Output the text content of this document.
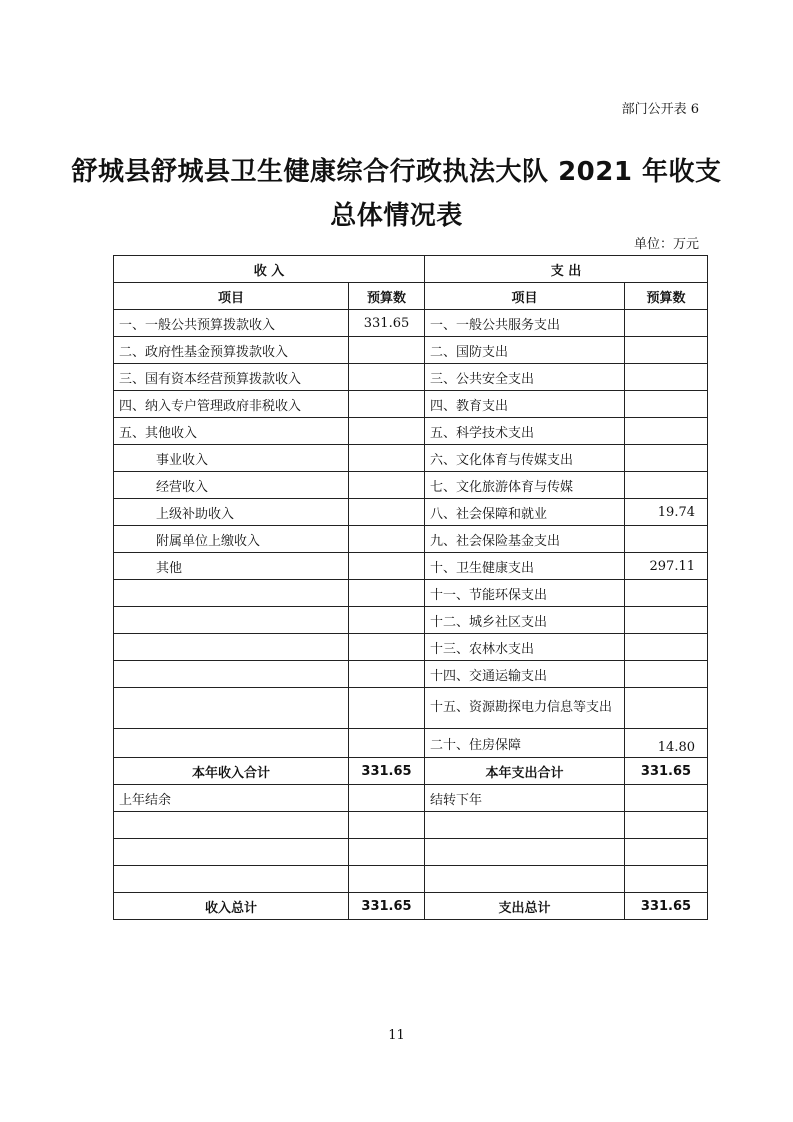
部门公开表 6
舒城县舒城县卫生健康综合行政执法大队 2021 年收支
总体情况表
单位：万元
收 入		支 出	
项目	预算数	项目	预算数
一、一般公共预算拨款收入	331.65	一、一般公共服务支出	
二、政府性基金预算拨款收入		二、国防支出	
三、国有资本经营预算拨款收入		三、公共安全支出	
四、纳入专户管理政府非税收入		四、教育支出	
五、其他收入		五、科学技术支出	
事业收入		六、文化体育与传媒支出	
经营收入		七、文化旅游体育与传媒	
上级补助收入		八、社会保障和就业	19.74
附属单位上缴收入		九、社会保险基金支出	
其他		十、卫生健康支出	297.11
		十一、节能环保支出	
		十二、城乡社区支出	
		十三、农林水支出	
		十四、交通运输支出	
		十五、资源勘探电力信息等支出	
		二十、住房保障	14.80
本年收入合计	331.65	本年支出合计	331.65
上年结余		结转下年	

收入总计	331.65	支出总计	331.65
11
